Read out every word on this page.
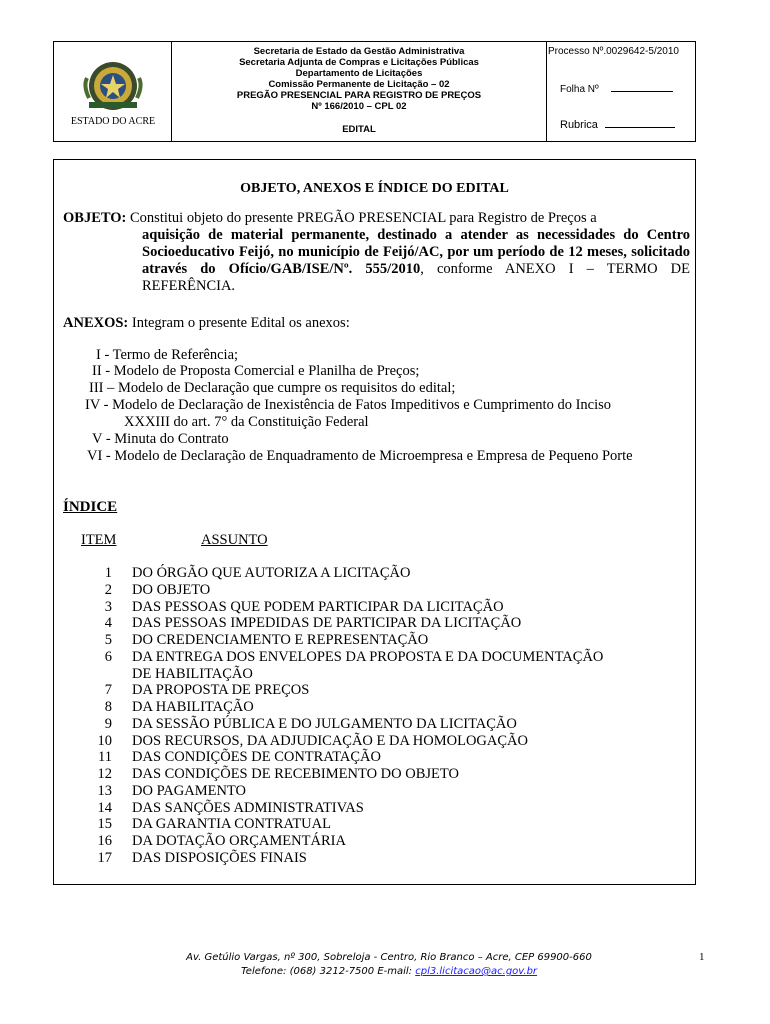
ESTADO DO ACRE
Secretaria de Estado da Gestão Administrativa
Secretaria Adjunta de Compras e Licitações Públicas
Departamento de Licitações
Comissão Permanente de Licitação – 02
PREGÃO PRESENCIAL PARA REGISTRO DE PREÇOS
Nº 166/2010 – CPL 02
EDITAL
Processo Nº.0029642-5/2010
Folha Nº
Rubrica
OBJETO, ANEXOS E ÍNDICE DO EDITAL
OBJETO: Constitui objeto do presente PREGÃO PRESENCIAL para Registro de Preços a
aquisição de material permanente, destinado a atender as necessidades do Centro Socioeducativo Feijó, no município de Feijó/AC, por um período de 12 meses, solicitado através do Ofício/GAB/ISE/Nº. 555/2010, conforme ANEXO I – TERMO DE REFERÊNCIA.
ANEXOS: Integram o presente Edital os anexos:
I - Termo de Referência;
II - Modelo de Proposta Comercial e Planilha de Preços;
III – Modelo de Declaração que cumpre os requisitos do edital;
IV - Modelo de Declaração de Inexistência de Fatos Impeditivos e Cumprimento do Inciso
XXXIII do art. 7° da Constituição Federal
V - Minuta do Contrato
VI - Modelo de Declaração de Enquadramento de Microempresa e Empresa de Pequeno Porte
ÍNDICE
ITEM	ASSUNTO
1 DO ÓRGÃO QUE AUTORIZA A LICITAÇÃO
2 DO OBJETO
3 DAS PESSOAS QUE PODEM PARTICIPAR DA LICITAÇÃO
4 DAS PESSOAS IMPEDIDAS DE PARTICIPAR DA LICITAÇÃO
5 DO CREDENCIAMENTO E REPRESENTAÇÃO
6 DA ENTREGA DOS ENVELOPES DA PROPOSTA E DA DOCUMENTAÇÃO
DE HABILITAÇÃO
7 DA PROPOSTA DE PREÇOS
8 DA HABILITAÇÃO
9 DA SESSÃO PÚBLICA E DO JULGAMENTO DA LICITAÇÃO
10 DOS RECURSOS, DA ADJUDICAÇÃO E DA HOMOLOGAÇÃO
11 DAS CONDIÇÕES DE CONTRATAÇÃO
12 DAS CONDIÇÕES DE RECEBIMENTO DO OBJETO
13 DO PAGAMENTO
14 DAS SANÇÕES ADMINISTRATIVAS
15 DA GARANTIA CONTRATUAL
16 DA DOTAÇÃO ORÇAMENTÁRIA
17 DAS DISPOSIÇÕES FINAIS
Av. Getúlio Vargas, nº 300, Sobreloja - Centro, Rio Branco – Acre, CEP 69900-660
Telefone: (068) 3212-7500 E-mail: cpl3.licitacao@ac.gov.br
1
